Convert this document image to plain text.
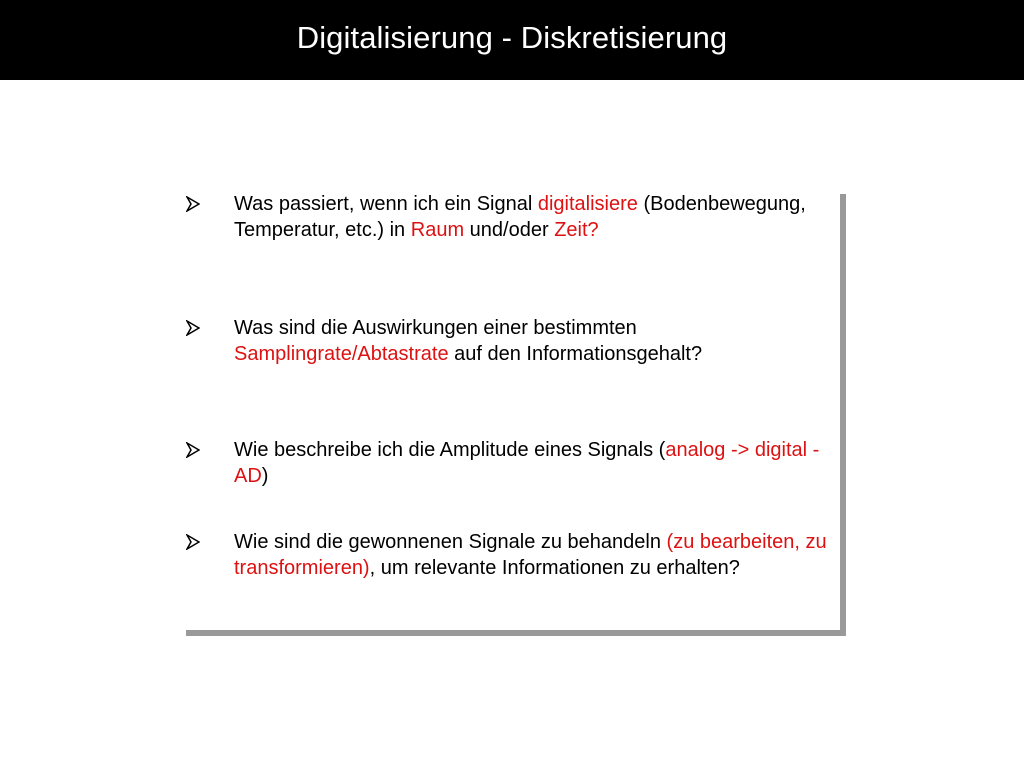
Digitalisierung - Diskretisierung

Was passiert, wenn ich ein Signal digitalisiere (Bodenbewegung, Temperatur, etc.) in Raum und/oder Zeit?

Was sind die Auswirkungen einer bestimmten Samplingrate/Abtastrate auf den Informationsgehalt?

Wie beschreibe ich die Amplitude eines Signals (analog -> digital - AD)

Wie sind die gewonnenen Signale zu behandeln (zu bearbeiten, zu transformieren), um relevante Informationen zu erhalten?
